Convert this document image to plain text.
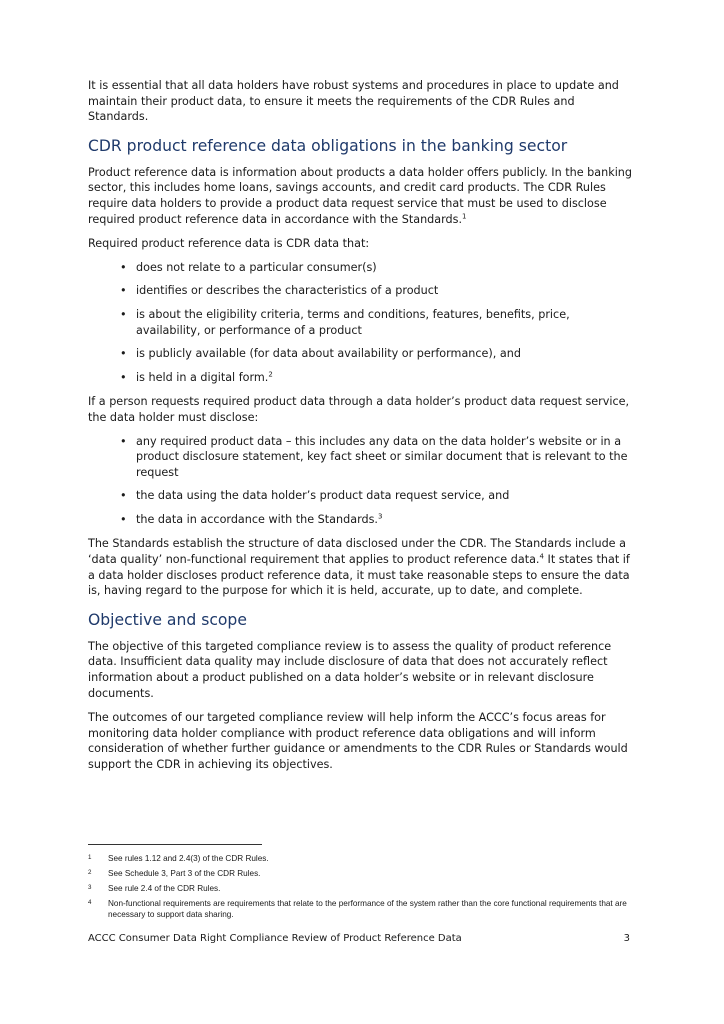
It is essential that all data holders have robust systems and procedures in place to update and maintain their product data, to ensure it meets the requirements of the CDR Rules and Standards.

CDR product reference data obligations in the banking sector

Product reference data is information about products a data holder offers publicly. In the banking sector, this includes home loans, savings accounts, and credit card products. The CDR Rules require data holders to provide a product data request service that must be used to disclose required product reference data in accordance with the Standards.$^1$

Required product reference data is CDR data that:

• does not relate to a particular consumer(s)
• identifies or describes the characteristics of a product
• is about the eligibility criteria, terms and conditions, features, benefits, price, availability, or performance of a product
• is publicly available (for data about availability or performance), and
• is held in a digital form.$^2$

If a person requests required product data through a data holder’s product data request service, the data holder must disclose:

• any required product data – this includes any data on the data holder’s website or in a product disclosure statement, key fact sheet or similar document that is relevant to the request
• the data using the data holder’s product data request service, and
• the data in accordance with the Standards.$^3$

The Standards establish the structure of data disclosed under the CDR. The Standards include a ‘data quality’ non-functional requirement that applies to product reference data.$^4$ It states that if a data holder discloses product reference data, it must take reasonable steps to ensure the data is, having regard to the purpose for which it is held, accurate, up to date, and complete.

Objective and scope

The objective of this targeted compliance review is to assess the quality of product reference data. Insufficient data quality may include disclosure of data that does not accurately reflect information about a product published on a data holder’s website or in relevant disclosure documents.

The outcomes of our targeted compliance review will help inform the ACCC’s focus areas for monitoring data holder compliance with product reference data obligations and will inform consideration of whether further guidance or amendments to the CDR Rules or Standards would support the CDR in achieving its objectives.

1 See rules 1.12 and 2.4(3) of the CDR Rules.
2 See Schedule 3, Part 3 of the CDR Rules.
3 See rule 2.4 of the CDR Rules.
4 Non-functional requirements are requirements that relate to the performance of the system rather than the core functional requirements that are necessary to support data sharing.
ACCC Consumer Data Right Compliance Review of Product Reference Data	3
